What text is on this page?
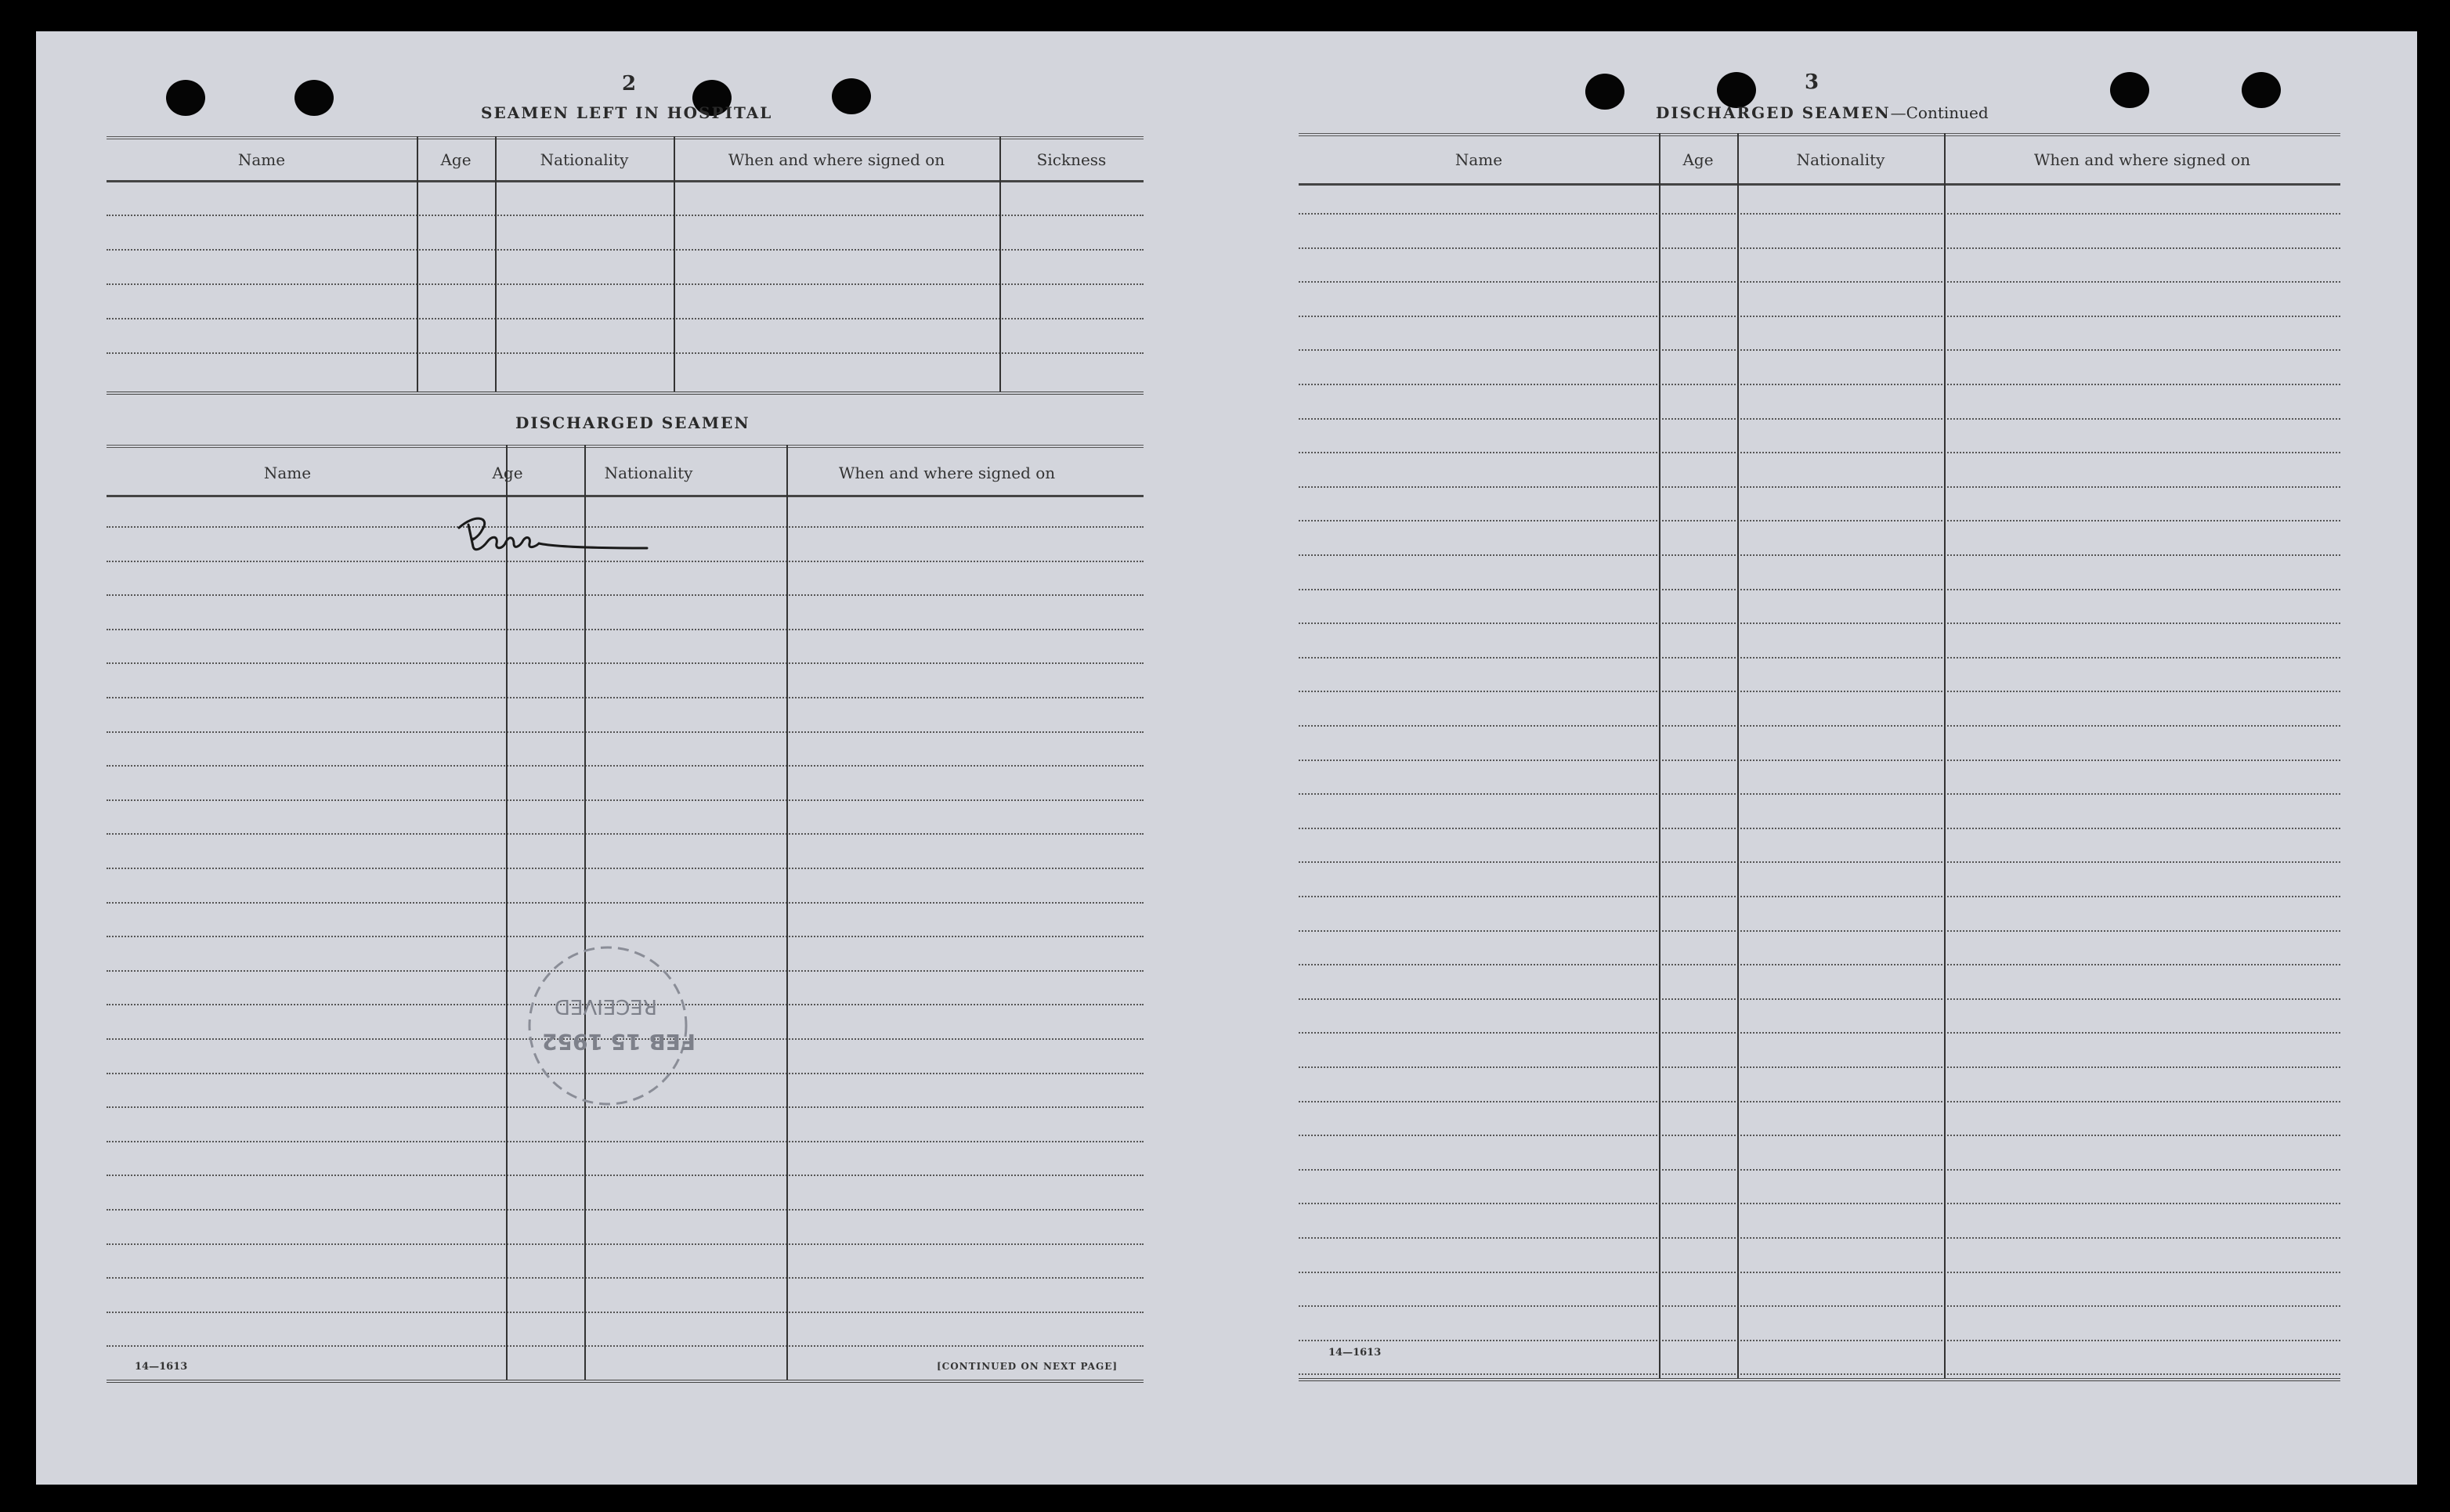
2
SEAMEN LEFT IN HOSPITAL
Name	Age	Nationality	When and where signed on	Sickness
DISCHARGED SEAMEN
Name	Age	Nationality	When and where signed on
RECEIVED
FEB 15 1952
14—1613	[CONTINUED ON NEXT PAGE]
3
DISCHARGED SEAMEN—Continued
Name	Age	Nationality	When and where signed on
14—1613
